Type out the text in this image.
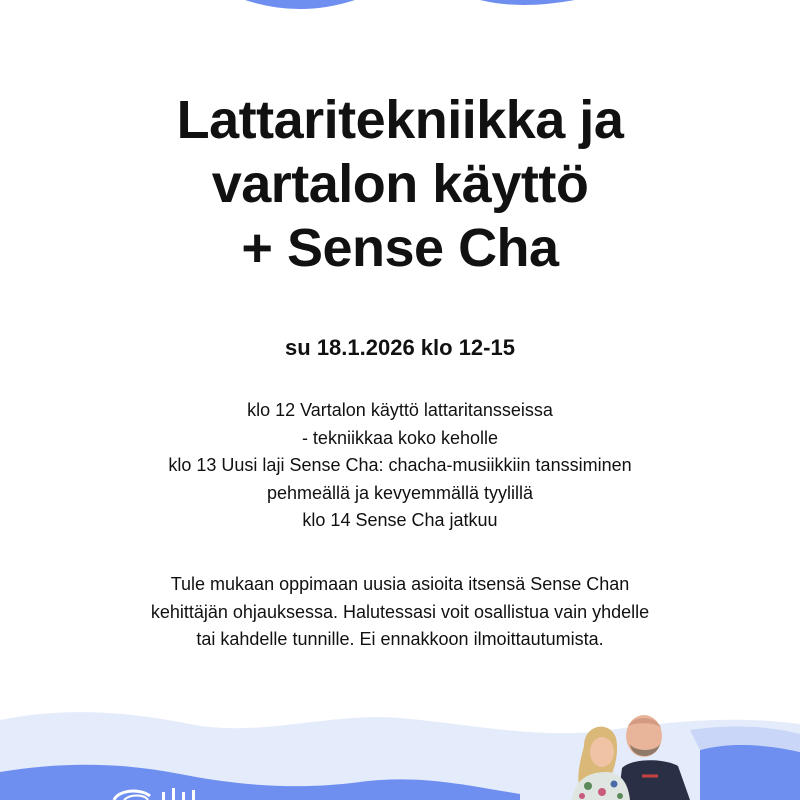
Lattaritekniikka ja
vartalon käyttö
+ Sense Cha
su 18.1.2026 klo 12-15
klo 12 Vartalon käyttö lattaritansseissa
- tekniikkaa koko keholle
klo 13 Uusi laji Sense Cha: chacha-musiikkiin tanssiminen
pehmeällä ja kevyemmällä tyylillä
klo 14 Sense Cha jatkuu
Tule mukaan oppimaan uusia asioita itsensä Sense Chan
kehittäjän ohjauksessa. Halutessasi voit osallistua vain yhdelle
tai kahdelle tunnille. Ei ennakkoon ilmoittautumista.
